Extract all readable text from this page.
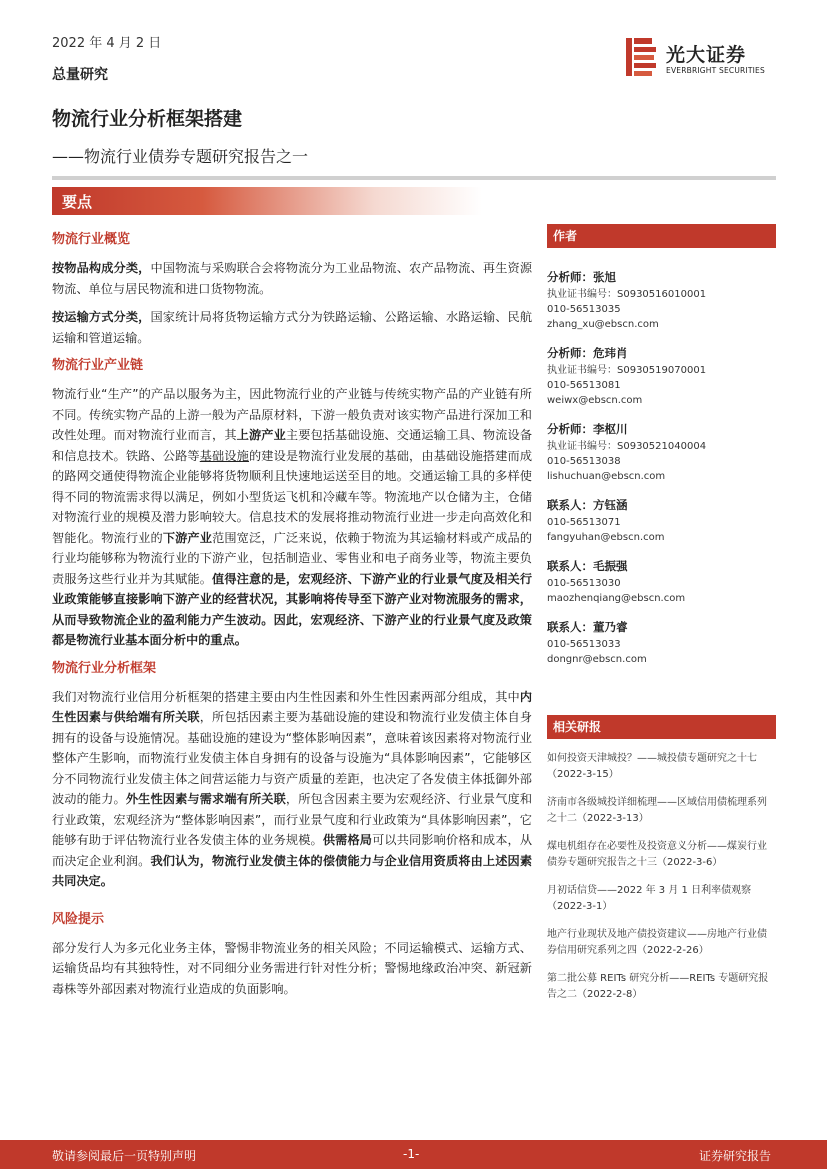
2022 年 4 月 2 日
总量研究
光大证券
EVERBRIGHT SECURITIES
物流行业分析框架搭建
——物流行业债券专题研究报告之一
要点
物流行业概览

按物品构成分类，中国物流与采购联合会将物流分为工业品物流、农产品物流、再生资源物流、单位与居民物流和进口货物物流。

按运输方式分类，国家统计局将货物运输方式分为铁路运输、公路运输、水路运输、民航运输和管道运输。

物流行业产业链

物流行业“生产”的产品以服务为主，因此物流行业的产业链与传统实物产品的产业链有所不同。传统实物产品的上游一般为产品原材料，下游一般负责对该实物产品进行深加工和改性处理。而对物流行业而言，其上游产业主要包括基础设施、交通运输工具、物流设备和信息技术。铁路、公路等基础设施的建设是物流行业发展的基础，由基础设施搭建而成的路网交通使得物流企业能够将货物顺利且快速地运送至目的地。交通运输工具的多样使得不同的物流需求得以满足，例如小型货运飞机和冷藏车等。物流地产以仓储为主，仓储对物流行业的规模及潜力影响较大。信息技术的发展将推动物流行业进一步走向高效化和智能化。物流行业的下游产业范围宽泛，广泛来说，依赖于物流为其运输材料或产成品的行业均能够称为物流行业的下游产业，包括制造业、零售业和电子商务业等，物流主要负责服务这些行业并为其赋能。值得注意的是，宏观经济、下游产业的行业景气度及相关行业政策能够直接影响下游产业的经营状况，其影响将传导至下游产业对物流服务的需求，从而导致物流企业的盈利能力产生波动。因此，宏观经济、下游产业的行业景气度及政策都是物流行业基本面分析中的重点。

物流行业分析框架

我们对物流行业信用分析框架的搭建主要由内生性因素和外生性因素两部分组成，其中内生性因素与供给端有所关联，所包括因素主要为基础设施的建设和物流行业发债主体自身拥有的设备与设施情况。基础设施的建设为“整体影响因素”，意味着该因素将对物流行业整体产生影响，而物流行业发债主体自身拥有的设备与设施为“具体影响因素”，它能够区分不同物流行业发债主体之间营运能力与资产质量的差距，也决定了各发债主体抵御外部波动的能力。外生性因素与需求端有所关联，所包含因素主要为宏观经济、行业景气度和行业政策，宏观经济为“整体影响因素”，而行业景气度和行业政策为“具体影响因素”，它能够有助于评估物流行业各发债主体的业务规模。供需格局可以共同影响价格和成本，从而决定企业利润。我们认为，物流行业发债主体的偿债能力与企业信用资质将由上述因素共同决定。

风险提示

部分发行人为多元化业务主体，警惕非物流业务的相关风险；不同运输模式、运输方式、运输货品均有其独特性，对不同细分业务需进行针对性分析；警惕地缘政治冲突、新冠新毒株等外部因素对物流行业造成的负面影响。

作者
分析师：张旭
执业证书编号：S0930516010001
010-56513035
zhang_xu@ebscn.com
分析师：危玮肖
执业证书编号：S0930519070001
010-56513081
weiwx@ebscn.com
分析师：李枢川
执业证书编号：S0930521040004
010-56513038
lishuchuan@ebscn.com
联系人：方钰涵
010-56513071
fangyuhan@ebscn.com
联系人：毛振强
010-56513030
maozhenqiang@ebscn.com
联系人：董乃睿
010-56513033
dongnr@ebscn.com
相关研报
如何投资天津城投？——城投债专题研究之十七（2022-3-15）
济南市各级城投详细梳理——区域信用债梳理系列之十二（2022-3-13）
煤电机组存在必要性及投资意义分析——煤炭行业债券专题研究报告之十三（2022-3-6）
月初话信贷——2022 年 3 月 1 日利率债观察（2022-3-1）
地产行业现状及地产债投资建议——房地产行业债券信用研究系列之四（2022-2-26）
第二批公募 REITs 研究分析——REITs 专题研究报告之二（2022-2-8）
敬请参阅最后一页特别声明	-1-	证券研究报告
